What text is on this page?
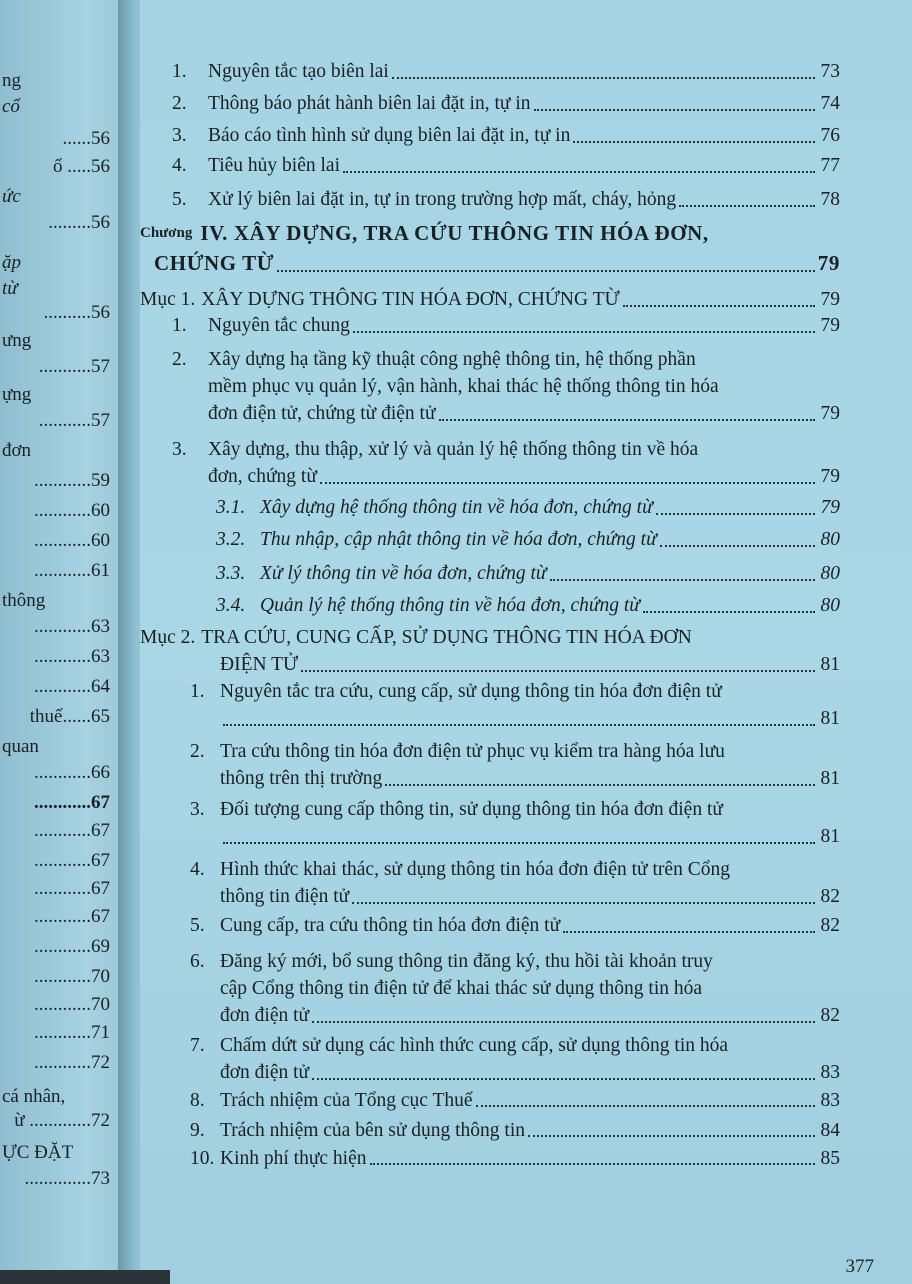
ng
cổ
......56
ổ .....56
ức
.........56
ặp
từ
..........56
ưng
...........57
ựng
...........57
đơn
............59
............60
............60
............61
thông
............63
............63
............64
thuế......65
quan
............66
............67
............67
............67
............67
............67
............69
............70
............70
............71
............72
cá nhân,
ừ .............72
ỰC ĐẶT
..............73
377
1.	Nguyên tắc tạo biên lai	73
2.	Thông báo phát hành biên lai đặt in, tự in	74
3.	Báo cáo tình hình sử dụng biên lai đặt in, tự in	76
4.	Tiêu hủy biên lai	77
5.	Xử lý biên lai đặt in, tự in trong trường hợp mất, cháy, hỏng	78
Chương IV. XÂY DỰNG, TRA CỨU THÔNG TIN HÓA ĐƠN,
CHỨNG TỪ	79
Mục 1. XÂY DỰNG THÔNG TIN HÓA ĐƠN, CHỨNG TỪ	79
1.	Nguyên tắc chung	79
2.	Xây dựng hạ tầng kỹ thuật công nghệ thông tin, hệ thống phần
mềm phục vụ quản lý, vận hành, khai thác hệ thống thông tin hóa
đơn điện tử, chứng từ điện tử	79
3.	Xây dựng, thu thập, xử lý và quản lý hệ thống thông tin về hóa
đơn, chứng từ	79
3.1. Xây dựng hệ thống thông tin về hóa đơn, chứng từ	79
3.2. Thu nhập, cập nhật thông tin về hóa đơn, chứng từ	80
3.3. Xử lý thông tin về hóa đơn, chứng từ	80
3.4. Quản lý hệ thống thông tin về hóa đơn, chứng từ	80
Mục 2. TRA CỨU, CUNG CẤP, SỬ DỤNG THÔNG TIN HÓA ĐƠN
ĐIỆN TỬ	81
1. Nguyên tắc tra cứu, cung cấp, sử dụng thông tin hóa đơn điện tử
81
2. Tra cứu thông tin hóa đơn điện tử phục vụ kiểm tra hàng hóa lưu
thông trên thị trường	81
3. Đối tượng cung cấp thông tin, sử dụng thông tin hóa đơn điện tử
81
4. Hình thức khai thác, sử dụng thông tin hóa đơn điện tử trên Cổng
thông tin điện tử	82
5. Cung cấp, tra cứu thông tin hóa đơn điện tử	82
6. Đăng ký mới, bổ sung thông tin đăng ký, thu hồi tài khoản truy
cập Cổng thông tin điện tử để khai thác sử dụng thông tin hóa
đơn điện tử	82
7. Chấm dứt sử dụng các hình thức cung cấp, sử dụng thông tin hóa
đơn điện tử	83
8. Trách nhiệm của Tổng cục Thuế	83
9. Trách nhiệm của bên sử dụng thông tin	84
10. Kinh phí thực hiện	85
